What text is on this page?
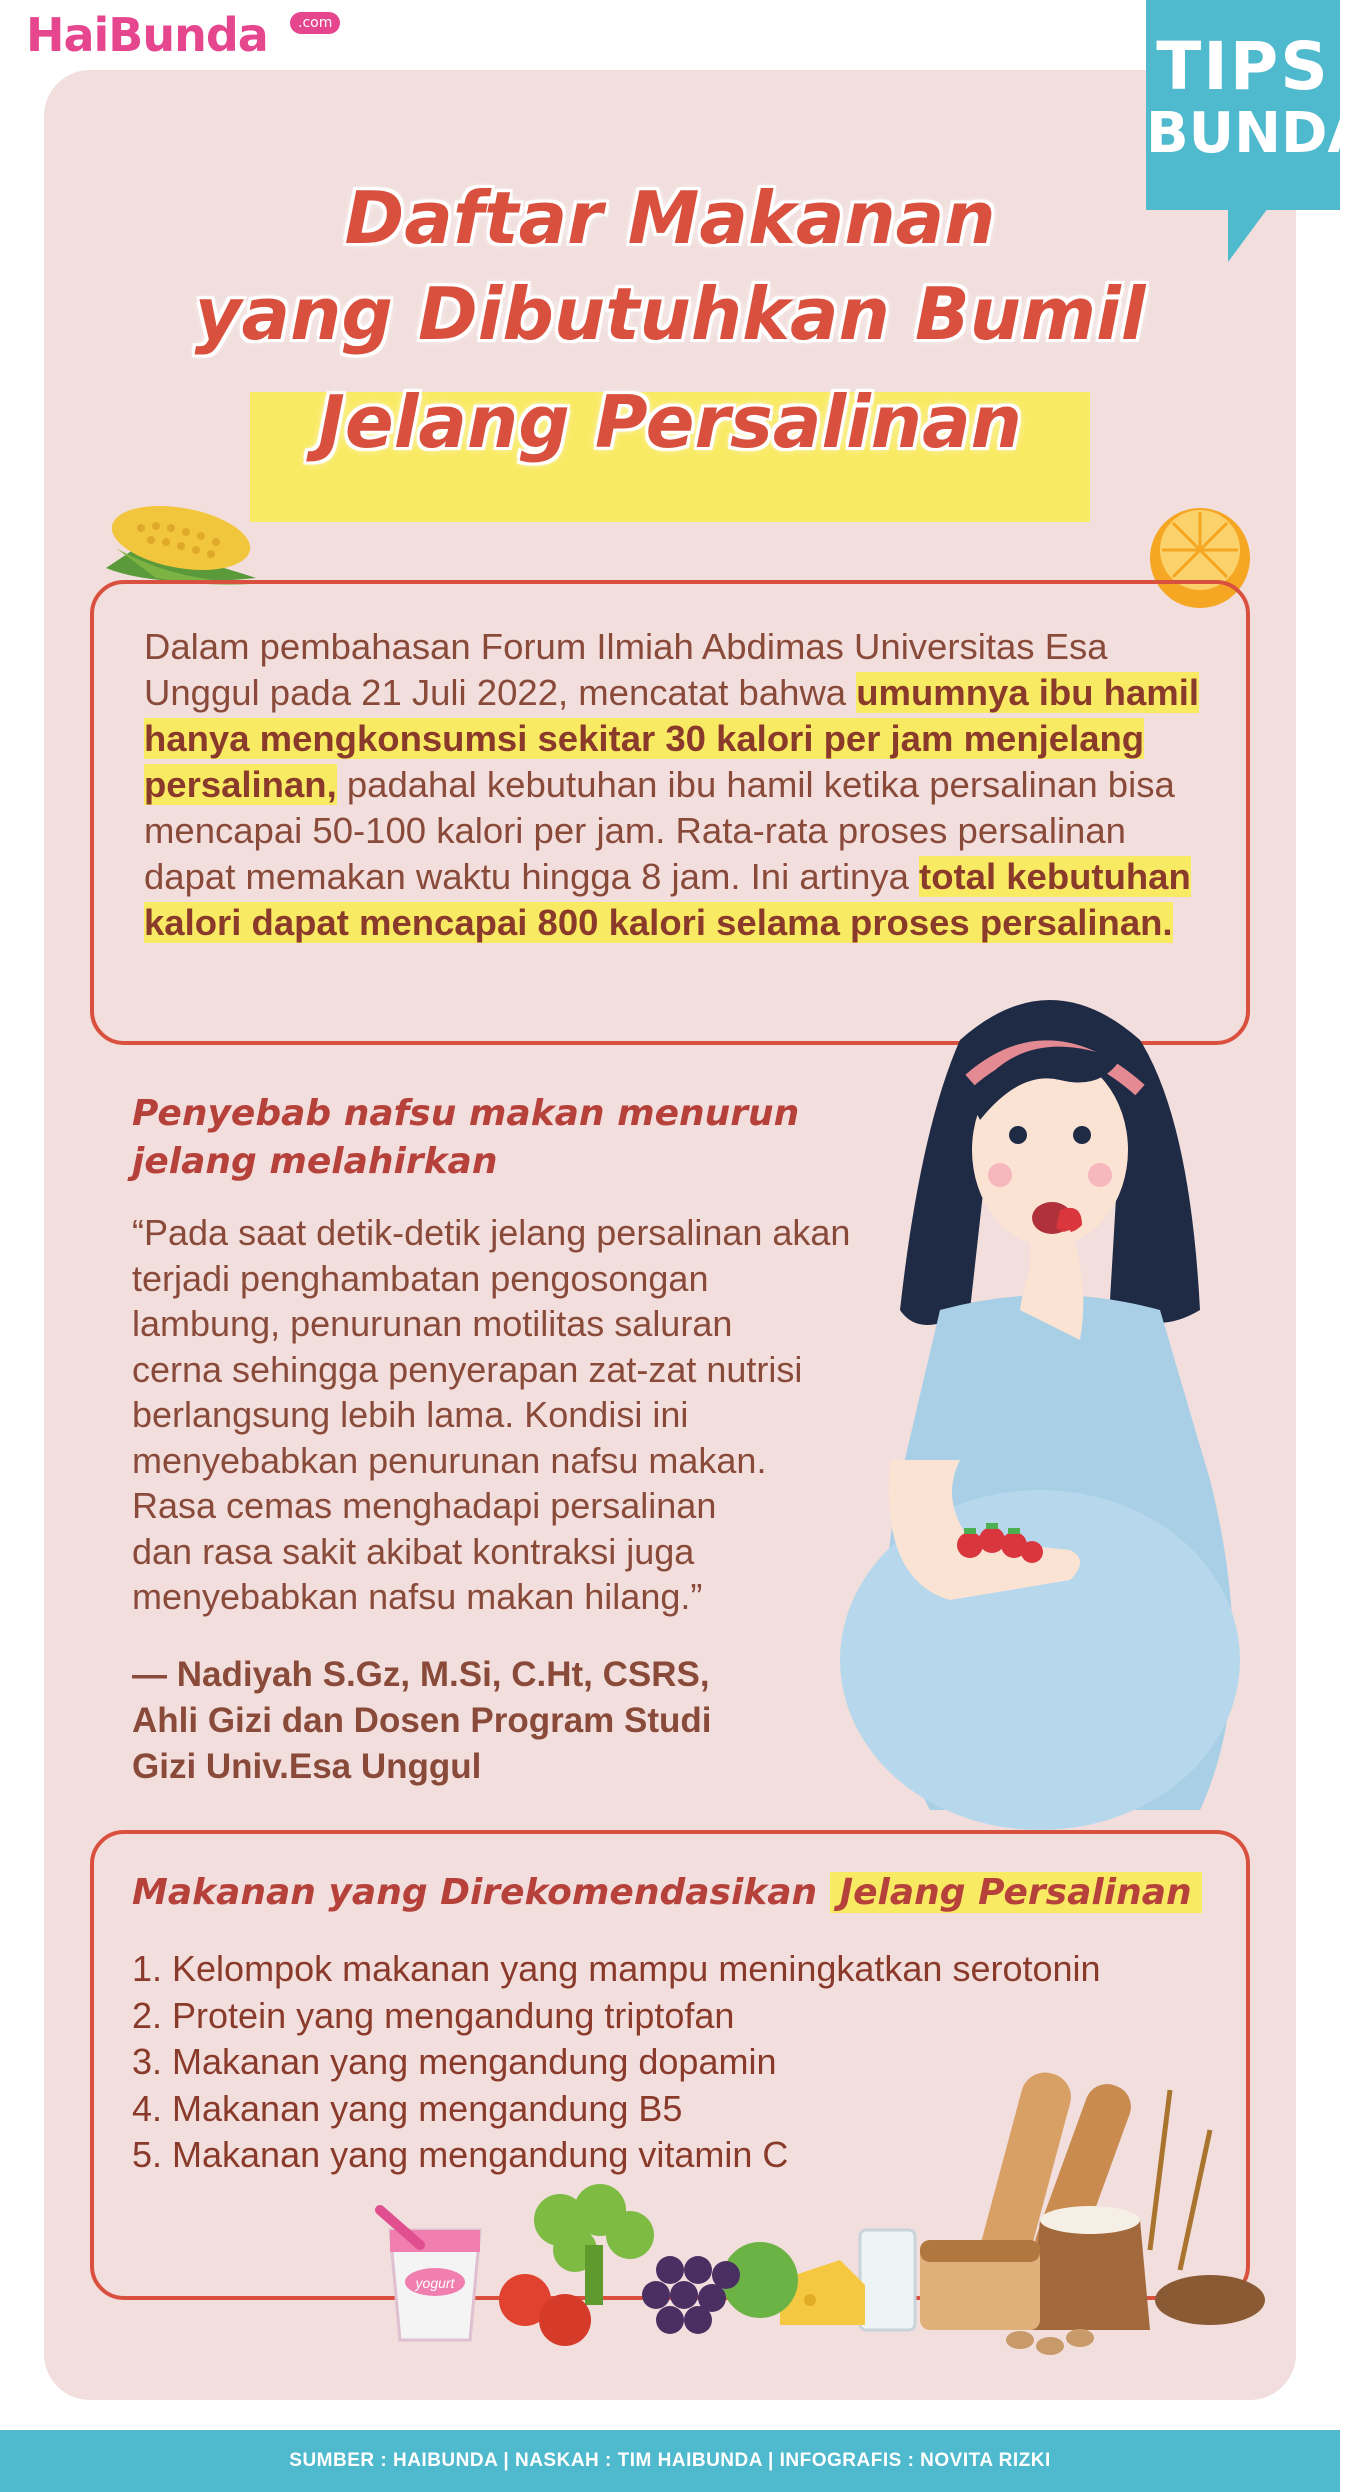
HaiBunda	.com
TIPS
BUNDA
Daftar Makanan
yang Dibutuhkan Bumil
Jelang Persalinan
Dalam pembahasan Forum Ilmiah Abdimas Universitas Esa Unggul pada 21 Juli 2022, mencatat bahwa umumnya ibu hamil hanya mengkonsumsi sekitar 30 kalori per jam menjelang persalinan, padahal kebutuhan ibu hamil ketika persalinan bisa mencapai 50-100 kalori per jam. Rata-rata proses persalinan dapat memakan waktu hingga 8 jam. Ini artinya total kebutuhan kalori dapat mencapai 800 kalori selama proses persalinan.
Penyebab nafsu makan menurun
jelang melahirkan
“Pada saat detik-detik jelang persalinan akan
terjadi penghambatan pengosongan
lambung, penurunan motilitas saluran
cerna sehingga penyerapan zat-zat nutrisi
berlangsung lebih lama. Kondisi ini
menyebabkan penurunan nafsu makan.
Rasa cemas menghadapi persalinan
dan rasa sakit akibat kontraksi juga
menyebabkan nafsu makan hilang.”
— Nadiyah S.Gz, M.Si, C.Ht, CSRS,
Ahli Gizi dan Dosen Program Studi
Gizi Univ.Esa Unggul
Makanan yang Direkomendasikan Jelang Persalinan
1. Kelompok makanan yang mampu meningkatkan serotonin
2. Protein yang mengandung triptofan
3. Makanan yang mengandung dopamin
4. Makanan yang mengandung B5
5. Makanan yang mengandung vitamin C
yogurt
SUMBER : HAIBUNDA | NASKAH : TIM HAIBUNDA | INFOGRAFIS : NOVITA RIZKI
